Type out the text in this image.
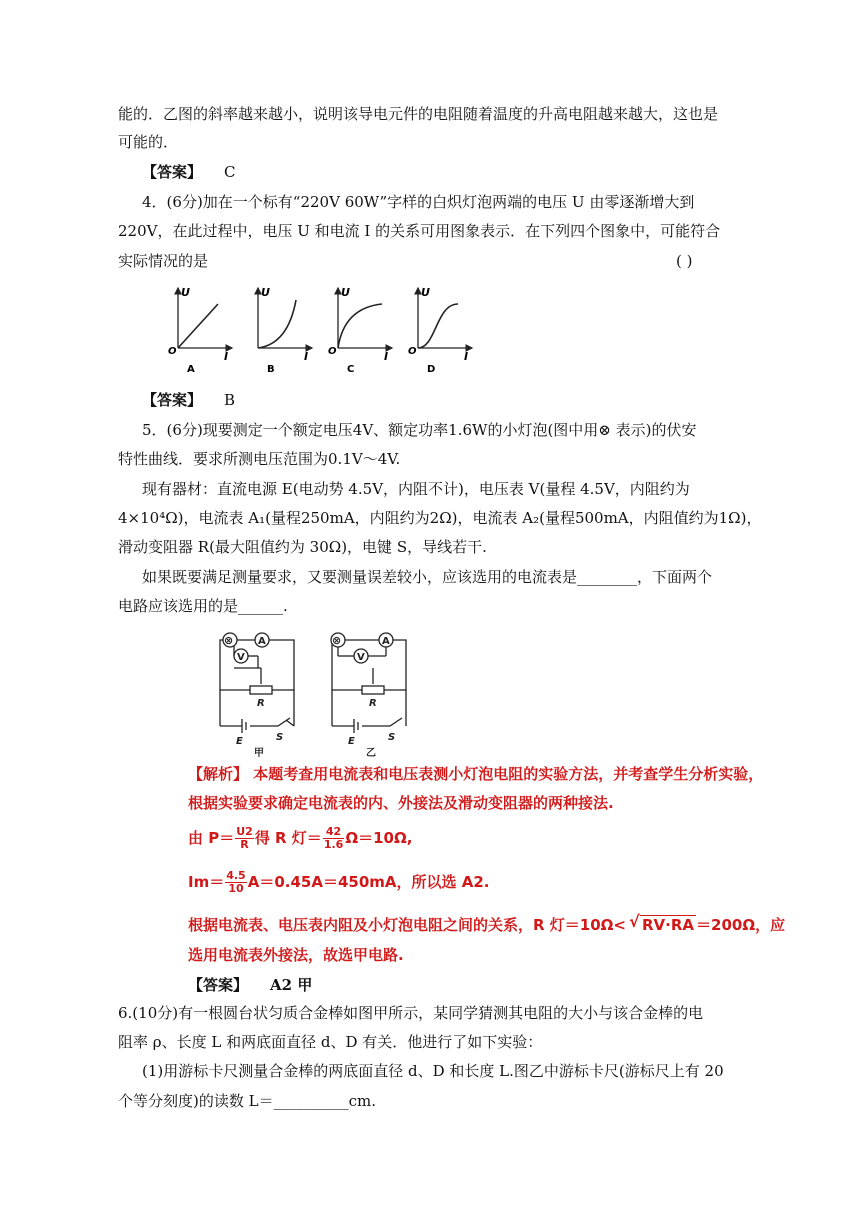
能的．乙图的斜率越来越小，说明该导电元件的电阻随着温度的升高电阻越来越大，这也是
可能的．
【答案】 C
4．(6分)加在一个标有“220V 60W”字样的白炽灯泡两端的电压 U 由零逐渐增大到
220V，在此过程中，电压 U 和电流 I 的关系可用图象表示．在下列四个图象中，可能符合
实际情况的是	( )
U
I
O
A
U
I
B
U
I
O
C
U
I
O
D
【答案】 B
5．(6分)现要测定一个额定电压4V、额定功率1.6W的小灯泡(图中用⊗ 表示)的伏安
特性曲线．要求所测电压范围为0.1V～4V.
现有器材：直流电源 E(电动势 4.5V，内阻不计)，电压表 V(量程 4.5V，内阻约为
4×10⁴Ω)，电流表 A₁(量程250mA，内阻约为2Ω)，电流表 A₂(量程500mA，内阻值约为1Ω)，
滑动变阻器 R(最大阻值约为 30Ω)，电键 S，导线若干.
如果既要满足测量要求，又要测量误差较小，应该选用的电流表是________，下面两个
电路应该选用的是______.
⊗ A
V
R
E	S
甲
⊗	A
V
R
E	S
乙
【解析】 本题考查用电流表和电压表测小灯泡电阻的实验方法，并考查学生分析实验，
根据实验要求确定电流表的内、外接法及滑动变阻器的两种接法.
由 $P= \frac{U2}{R}$ 得 R 灯＝ $\frac{42}{1.6} \Omega=10\Omega$,
$Im= \frac{4.5}{10} A=0.45A=450mA$，所以选 A2.
根据电流表、电压表内阻及小灯泡电阻之间的关系，R 灯＝10Ω<√ RV·RA ＝200Ω，应
选用电流表外接法，故选甲电路.
【答案】 A2 甲
6.(10分)有一根圆台状匀质合金棒如图甲所示，某同学猜测其电阻的大小与该合金棒的电
阻率 ρ、长度 L 和两底面直径 d、D 有关．他进行了如下实验：
(1)用游标卡尺测量合金棒的两底面直径 d、D 和长度 L.图乙中游标卡尺(游标尺上有 20
个等分刻度)的读数 L＝__________cm.
